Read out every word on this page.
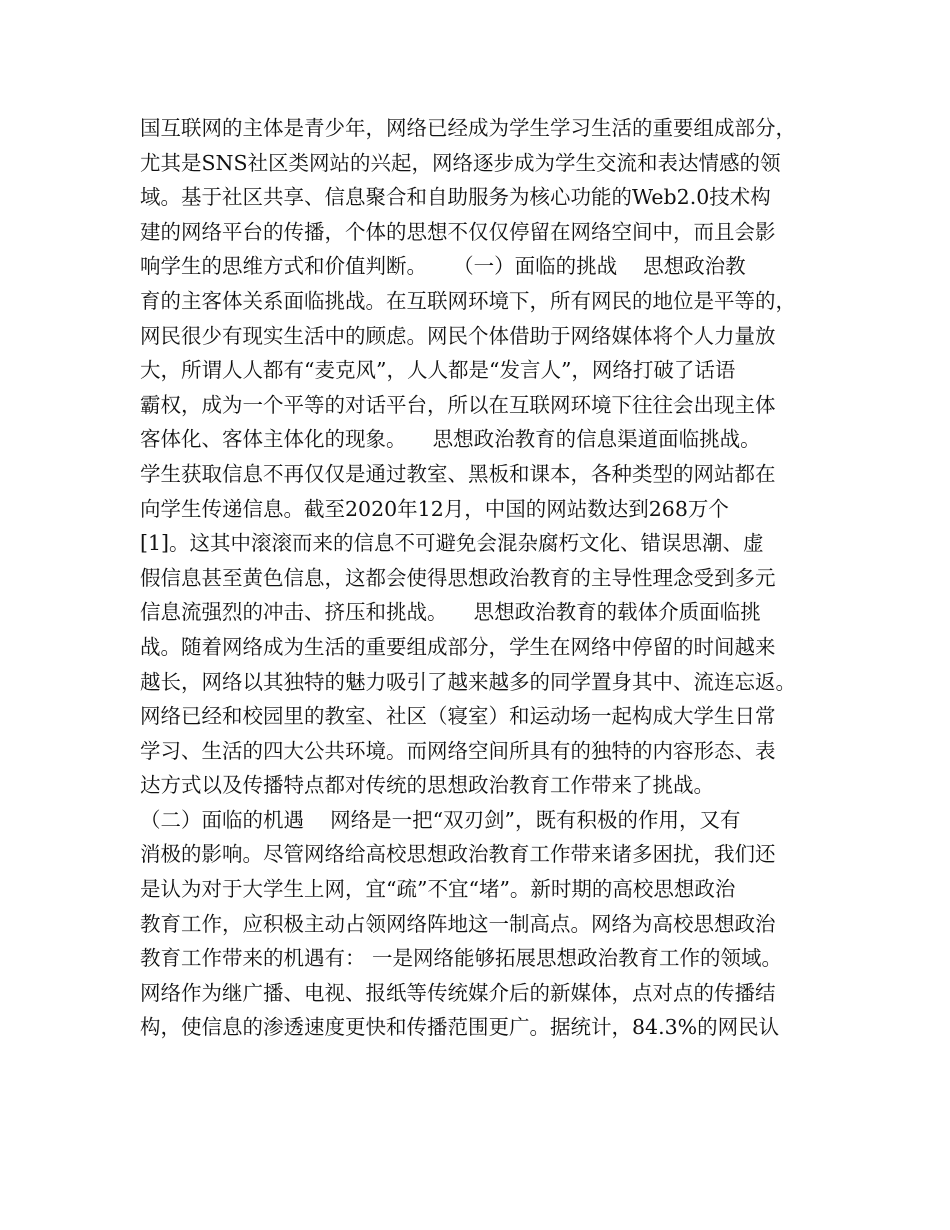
国互联网的主体是青少年，网络已经成为学生学习生活的重要组成部分，
尤其是SNS社区类网站的兴起，网络逐步成为学生交流和表达情感的领
域。基于社区共享、信息聚合和自助服务为核心功能的Web2.0技术构
建的网络平台的传播，个体的思想不仅仅停留在网络空间中，而且会影
响学生的思维方式和价值判断。    （一）面临的挑战    思想政治教
育的主客体关系面临挑战。在互联网环境下，所有网民的地位是平等的，
网民很少有现实生活中的顾虑。网民个体借助于网络媒体将个人力量放
大，所谓人人都有“麦克风”，人人都是“发言人”，网络打破了话语
霸权，成为一个平等的对话平台，所以在互联网环境下往往会出现主体
客体化、客体主体化的现象。    思想政治教育的信息渠道面临挑战。
学生获取信息不再仅仅是通过教室、黑板和课本，各种类型的网站都在
向学生传递信息。截至2020年12月，中国的网站数达到268万个
[1]。这其中滚滚而来的信息不可避免会混杂腐朽文化、错误思潮、虚
假信息甚至黄色信息，这都会使得思想政治教育的主导性理念受到多元
信息流强烈的冲击、挤压和挑战。    思想政治教育的载体介质面临挑
战。随着网络成为生活的重要组成部分，学生在网络中停留的时间越来
越长，网络以其独特的魅力吸引了越来越多的同学置身其中、流连忘返。
网络已经和校园里的教室、社区（寝室）和运动场一起构成大学生日常
学习、生活的四大公共环境。而网络空间所具有的独特的内容形态、表
达方式以及传播特点都对传统的思想政治教育工作带来了挑战。
（二）面临的机遇    网络是一把“双刃剑”，既有积极的作用，又有
消极的影响。尽管网络给高校思想政治教育工作带来诸多困扰，我们还
是认为对于大学生上网，宜“疏”不宜“堵”。新时期的高校思想政治
教育工作，应积极主动占领网络阵地这一制高点。网络为高校思想政治
教育工作带来的机遇有： 一是网络能够拓展思想政治教育工作的领域。
网络作为继广播、电视、报纸等传统媒介后的新媒体，点对点的传播结
构，使信息的渗透速度更快和传播范围更广。据统计，84.3%的网民认
